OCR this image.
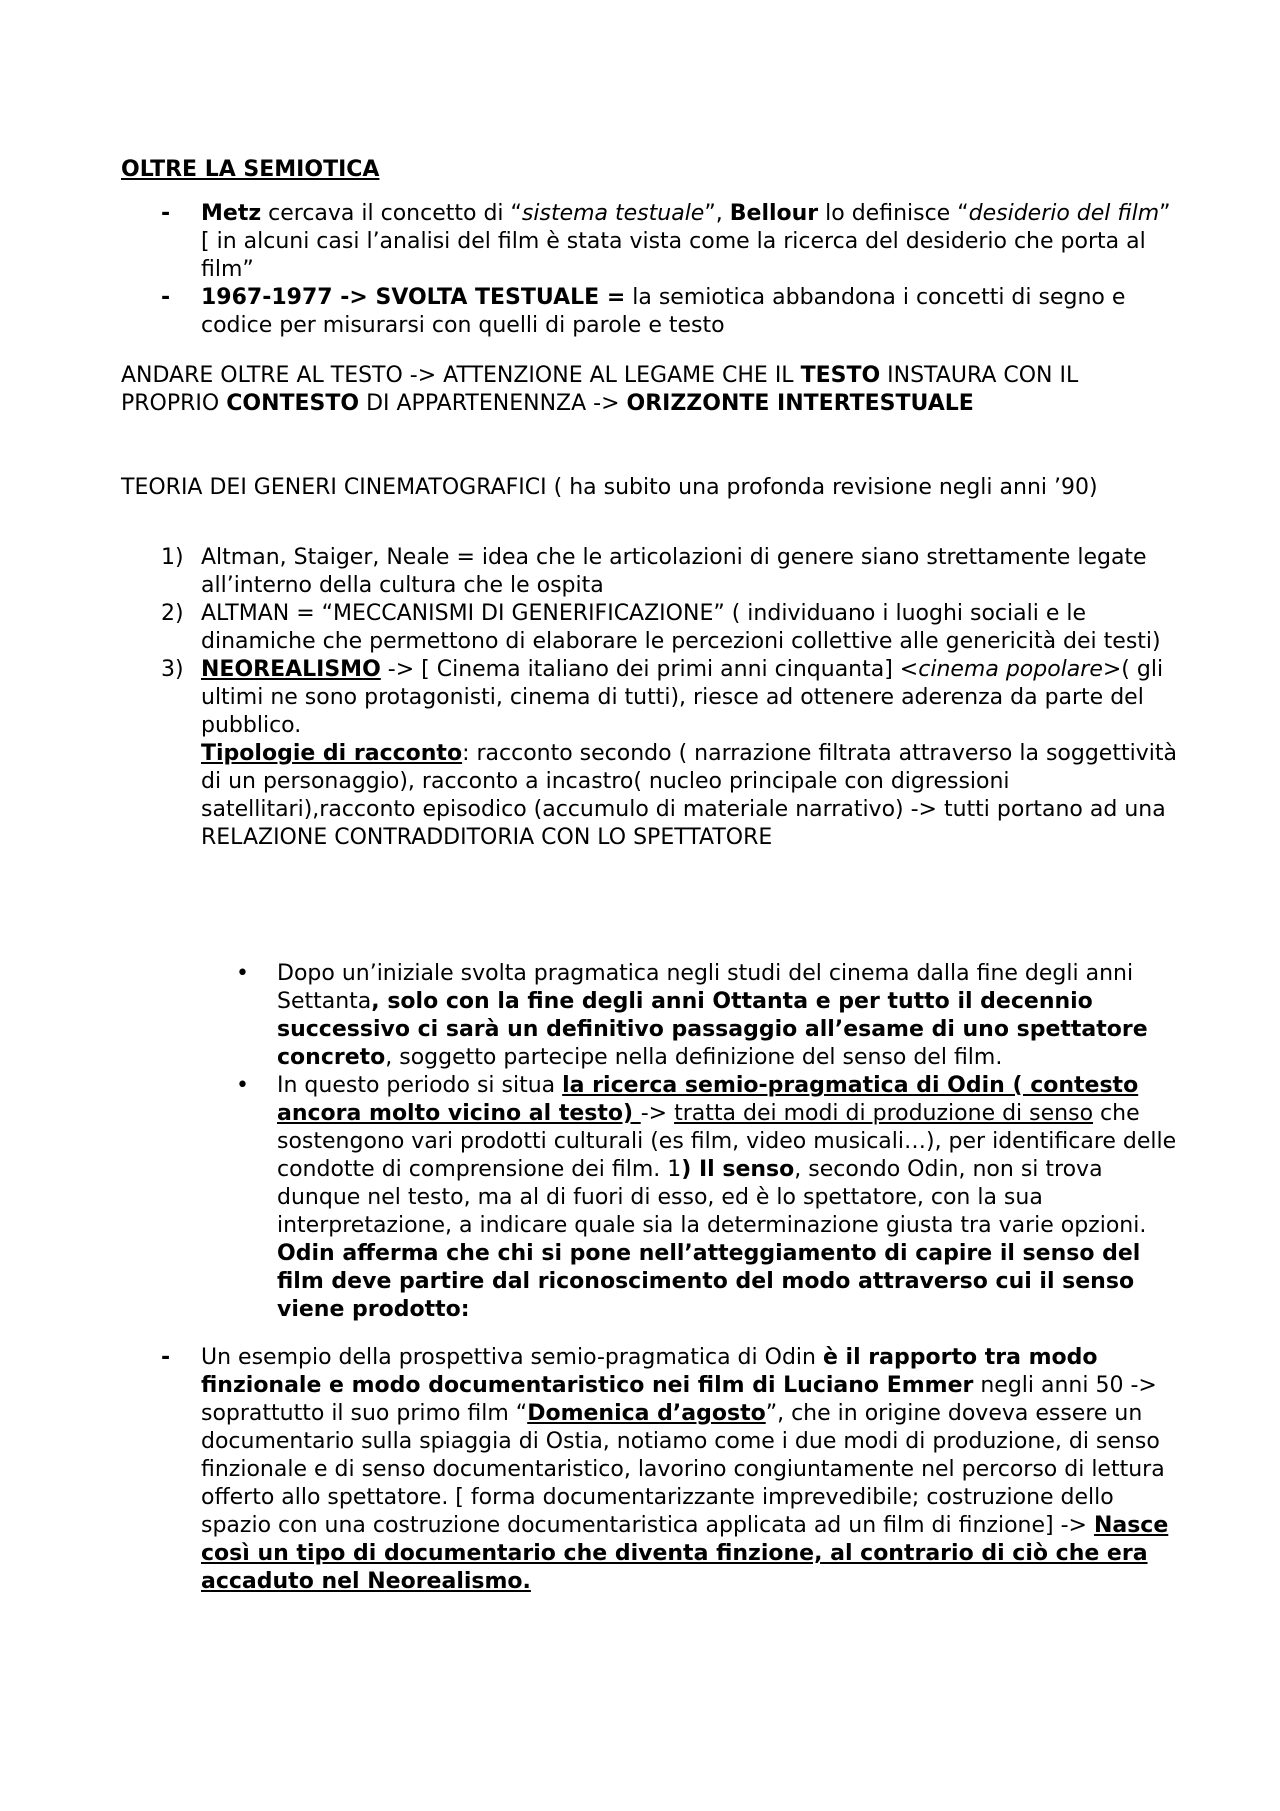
OLTRE LA SEMIOTICA
- Metz cercava il concetto di “sistema testuale”, Bellour lo definisce “desiderio del film” [ in alcuni casi l’analisi del film è stata vista come la ricerca del desiderio che porta al film”
- 1967-1977 -> SVOLTA TESTUALE = la semiotica abbandona i concetti di segno e codice per misurarsi con quelli di parole e testo
ANDARE OLTRE AL TESTO -> ATTENZIONE AL LEGAME CHE IL TESTO INSTAURA CON IL PROPRIO CONTESTO DI APPARTENENNZA -> ORIZZONTE INTERTESTUALE
TEORIA DEI GENERI CINEMATOGRAFICI ( ha subito una profonda revisione negli anni ’90)
1) Altman, Staiger, Neale = idea che le articolazioni di genere siano strettamente legate all’interno della cultura che le ospita
2) ALTMAN = “MECCANISMI DI GENERIFICAZIONE” ( individuano i luoghi sociali e le dinamiche che permettono di elaborare le percezioni collettive alle genericità dei testi)
3) NEOREALISMO -> [ Cinema italiano dei primi anni cinquanta] <cinema popolare>( gli ultimi ne sono protagonisti, cinema di tutti), riesce ad ottenere aderenza da parte del pubblico.
Tipologie di racconto: racconto secondo ( narrazione filtrata attraverso la soggettività di un personaggio), racconto a incastro( nucleo principale con digressioni satellitari),racconto episodico (accumulo di materiale narrativo) -> tutti portano ad una RELAZIONE CONTRADDITORIA CON LO SPETTATORE
• Dopo un’iniziale svolta pragmatica negli studi del cinema dalla fine degli anni Settanta, solo con la fine degli anni Ottanta e per tutto il decennio successivo ci sarà un definitivo passaggio all’esame di uno spettatore concreto, soggetto partecipe nella definizione del senso del film.
• In questo periodo si situa la ricerca semio-pragmatica di Odin ( contesto ancora molto vicino al testo) -> tratta dei modi di produzione di senso che sostengono vari prodotti culturali (es film, video musicali…), per identificare delle condotte di comprensione dei film. 1) Il senso, secondo Odin, non si trova dunque nel testo, ma al di fuori di esso, ed è lo spettatore, con la sua interpretazione, a indicare quale sia la determinazione giusta tra varie opzioni. Odin afferma che chi si pone nell’atteggiamento di capire il senso del film deve partire dal riconoscimento del modo attraverso cui il senso viene prodotto:
- Un esempio della prospettiva semio-pragmatica di Odin è il rapporto tra modo finzionale e modo documentaristico nei film di Luciano Emmer negli anni 50 -> soprattutto il suo primo film “Domenica d’agosto”, che in origine doveva essere un documentario sulla spiaggia di Ostia, notiamo come i due modi di produzione, di senso finzionale e di senso documentaristico, lavorino congiuntamente nel percorso di lettura offerto allo spettatore. [ forma documentarizzante imprevedibile; costruzione dello spazio con una costruzione documentaristica applicata ad un film di finzione] -> Nasce così un tipo di documentario che diventa finzione, al contrario di ciò che era accaduto nel Neorealismo.
